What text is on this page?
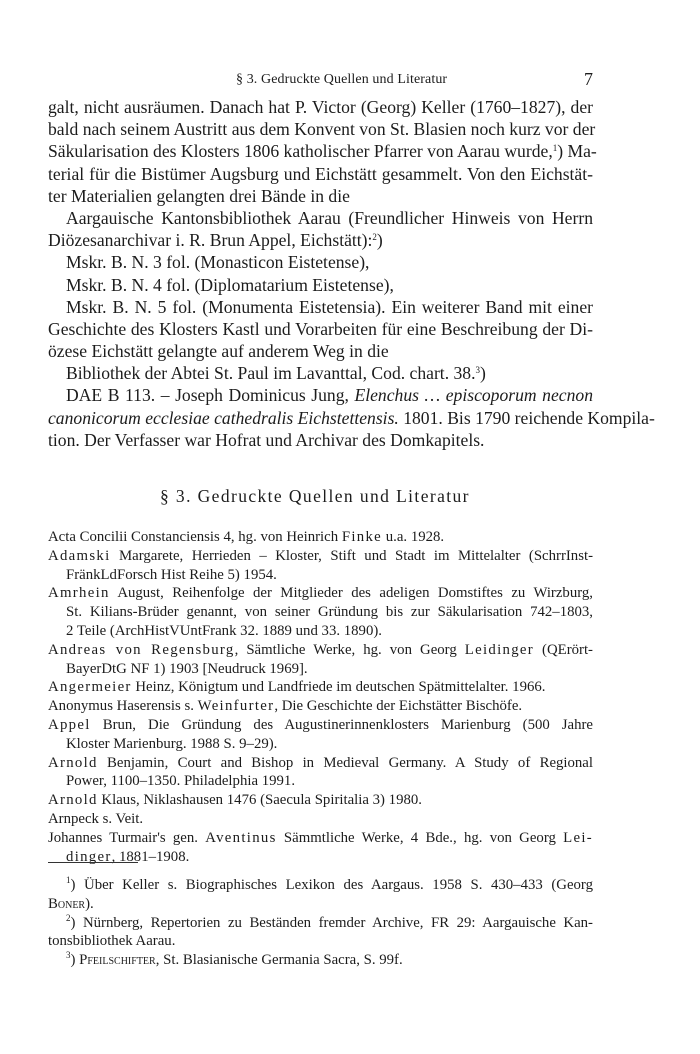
§ 3. Gedruckte Quellen und Literatur	7
galt, nicht ausräumen. Danach hat P. Victor (Georg) Keller (1760–1827), der
bald nach seinem Austritt aus dem Konvent von St. Blasien noch kurz vor der
Säkularisation des Klosters 1806 katholischer Pfarrer von Aarau wurde,$^1$) Ma-
terial für die Bistümer Augsburg und Eichstätt gesammelt. Von den Eichstät-
ter Materialien gelangten drei Bände in die
Aargauische Kantonsbibliothek Aarau (Freundlicher Hinweis von Herrn
Diözesanarchivar i. R. Brun Appel, Eichstätt):$^2$)
Mskr. B. N. 3 fol. (Monasticon Eistetense),
Mskr. B. N. 4 fol. (Diplomatarium Eistetense),
Mskr. B. N. 5 fol. (Monumenta Eistetensia). Ein weiterer Band mit einer
Geschichte des Klosters Kastl und Vorarbeiten für eine Beschreibung der Di-
özese Eichstätt gelangte auf anderem Weg in die
Bibliothek der Abtei St. Paul im Lavanttal, Cod. chart. 38.$^3$)
DAE B 113. – Joseph Dominicus Jung, Elenchus … episcoporum necnon
canonicorum ecclesiae cathedralis Eichstettensis. 1801. Bis 1790 reichende Kompila-
tion. Der Verfasser war Hofrat und Archivar des Domkapitels.
§ 3. Gedruckte Quellen und Literatur
Acta Concilii Constanciensis 4, hg. von Heinrich Finke u.a. 1928.
Adamski Margarete, Herrieden – Kloster, Stift und Stadt im Mittelalter (SchrrInst-
FränkLdForsch Hist Reihe 5) 1954.
Amrhein August, Reihenfolge der Mitglieder des adeligen Domstiftes zu Wirzburg,
St. Kilians-Brüder genannt, von seiner Gründung bis zur Säkularisation 742–1803,
2 Teile (ArchHistVUntFrank 32. 1889 und 33. 1890).
Andreas von Regensburg, Sämtliche Werke, hg. von Georg Leidinger (QErört-
BayerDtG NF 1) 1903 [Neudruck 1969].
Angermeier Heinz, Königtum und Landfriede im deutschen Spätmittelalter. 1966.
Anonymus Haserensis s. Weinfurter, Die Geschichte der Eichstätter Bischöfe.
Appel Brun, Die Gründung des Augustinerinnenklosters Marienburg (500 Jahre
Kloster Marienburg. 1988 S. 9–29).
Arnold Benjamin, Court and Bishop in Medieval Germany. A Study of Regional
Power, 1100–1350. Philadelphia 1991.
Arnold Klaus, Niklashausen 1476 (Saecula Spiritalia 3) 1980.
Arnpeck s. Veit.
Johannes Turmair's gen. Aventinus Sämmtliche Werke, 4 Bde., hg. von Georg Lei-
dinger, 1881–1908.
$^1$) Über Keller s. Biographisches Lexikon des Aargaus. 1958 S. 430–433 (Georg
Boner).
$^2$) Nürnberg, Repertorien zu Beständen fremder Archive, FR 29: Aargauische Kan-
tonsbibliothek Aarau.
$^3$) Pfeilschifter, St. Blasianische Germania Sacra, S. 99f.
